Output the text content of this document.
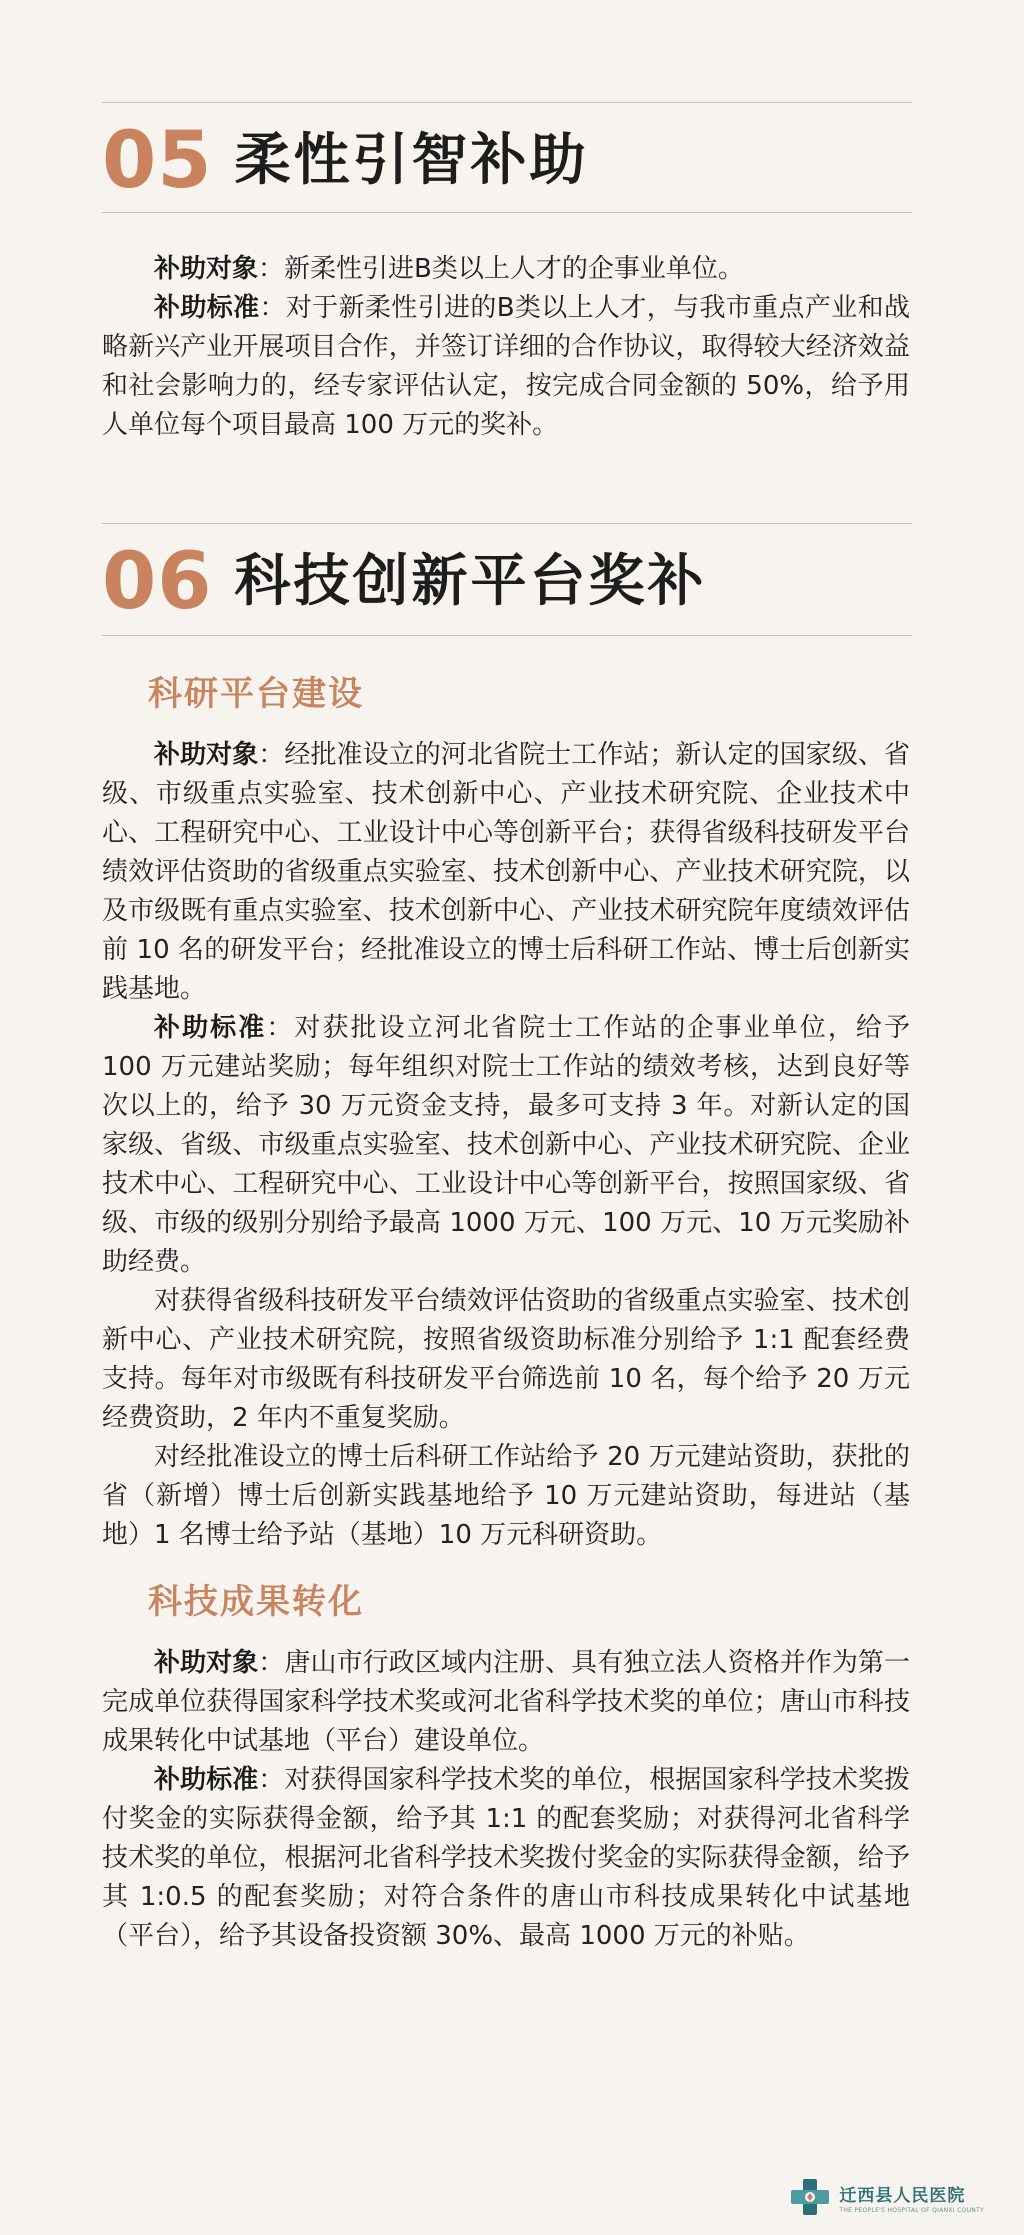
05 柔性引智补助

补助对象：新柔性引进B类以上人才的企事业单位。

补助标准：对于新柔性引进的B类以上人才，与我市重点产业和战略新兴产业开展项目合作，并签订详细的合作协议，取得较大经济效益和社会影响力的，经专家评估认定，按完成合同金额的 50%，给予用人单位每个项目最高 100 万元的奖补。

06 科技创新平台奖补
科研平台建设

补助对象：经批准设立的河北省院士工作站；新认定的国家级、省级、市级重点实验室、技术创新中心、产业技术研究院、企业技术中心、工程研究中心、工业设计中心等创新平台；获得省级科技研发平台绩效评估资助的省级重点实验室、技术创新中心、产业技术研究院，以及市级既有重点实验室、技术创新中心、产业技术研究院年度绩效评估前 10 名的研发平台；经批准设立的博士后科研工作站、博士后创新实践基地。

补助标准：对获批设立河北省院士工作站的企事业单位，给予 100 万元建站奖励；每年组织对院士工作站的绩效考核，达到良好等次以上的，给予 30 万元资金支持，最多可支持 3 年。对新认定的国家级、省级、市级重点实验室、技术创新中心、产业技术研究院、企业技术中心、工程研究中心、工业设计中心等创新平台，按照国家级、省级、市级的级别分别给予最高 1000 万元、100 万元、10 万元奖励补助经费。

对获得省级科技研发平台绩效评估资助的省级重点实验室、技术创新中心、产业技术研究院，按照省级资助标准分别给予 1:1 配套经费支持。每年对市级既有科技研发平台筛选前 10 名，每个给予 20 万元经费资助，2 年内不重复奖励。

对经批准设立的博士后科研工作站给予 20 万元建站资助，获批的省（新增）博士后创新实践基地给予 10 万元建站资助，每进站（基地）1 名博士给予站（基地）10 万元科研资助。

科技成果转化

补助对象：唐山市行政区域内注册、具有独立法人资格并作为第一完成单位获得国家科学技术奖或河北省科学技术奖的单位；唐山市科技成果转化中试基地（平台）建设单位。

补助标准：对获得国家科学技术奖的单位，根据国家科学技术奖拨付奖金的实际获得金额，给予其 1:1 的配套奖励；对获得河北省科学技术奖的单位，根据河北省科学技术奖拨付奖金的实际获得金额，给予其 1:0.5 的配套奖励；对符合条件的唐山市科技成果转化中试基地（平台），给予其设备投资额 30%、最高 1000 万元的补贴。

迁西县人民医院
THE PEOPLE'S HOSPITAL OF QIANXI COUNTY
